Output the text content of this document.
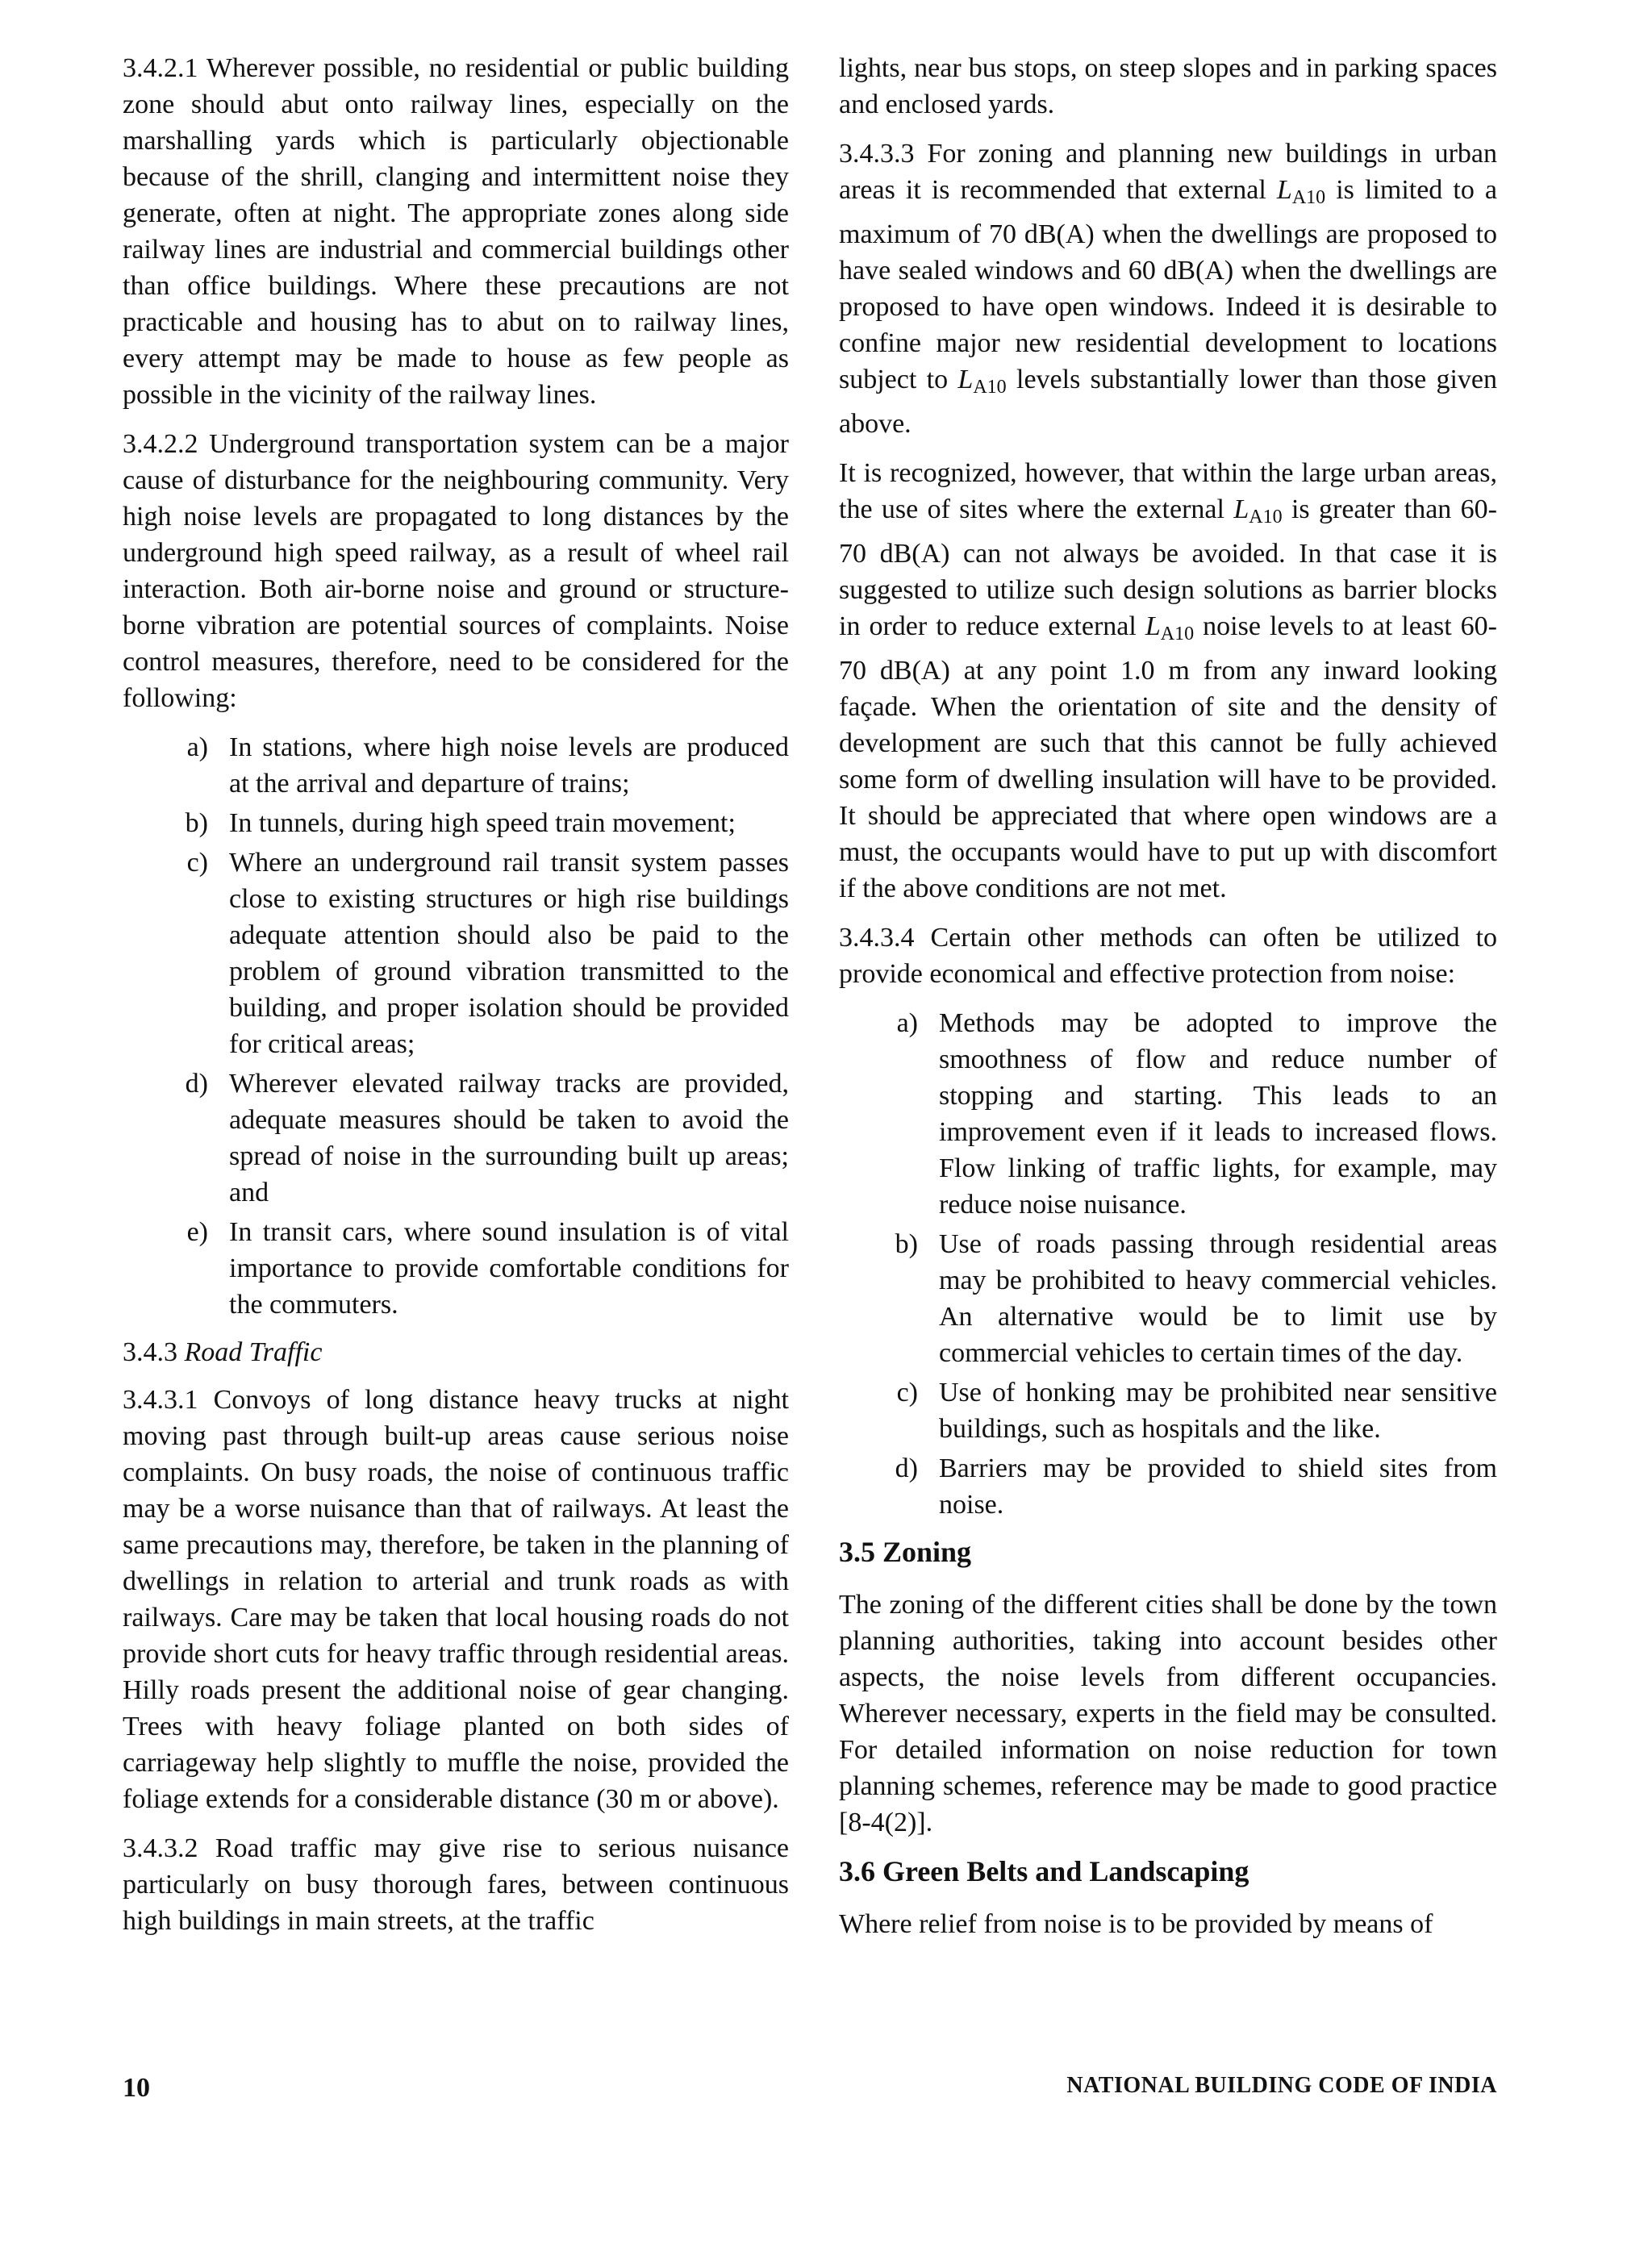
3.4.2.1 Wherever possible, no residential or public building zone should abut onto railway lines, especially on the marshalling yards which is particularly objectionable because of the shrill, clanging and intermittent noise they generate, often at night. The appropriate zones along side railway lines are industrial and commercial buildings other than office buildings. Where these precautions are not practicable and housing has to abut on to railway lines, every attempt may be made to house as few people as possible in the vicinity of the railway lines.

3.4.2.2 Underground transportation system can be a major cause of disturbance for the neighbouring community. Very high noise levels are propagated to long distances by the underground high speed railway, as a result of wheel rail interaction. Both air-borne noise and ground or structure-borne vibration are potential sources of complaints. Noise control measures, therefore, need to be considered for the following:

a) In stations, where high noise levels are produced at the arrival and departure of trains;
b) In tunnels, during high speed train movement;
c) Where an underground rail transit system passes close to existing structures or high rise buildings adequate attention should also be paid to the problem of ground vibration transmitted to the building, and proper isolation should be provided for critical areas;
d) Wherever elevated railway tracks are provided, adequate measures should be taken to avoid the spread of noise in the surrounding built up areas; and
e) In transit cars, where sound insulation is of vital importance to provide comfortable conditions for the commuters.
3.4.3 Road Traffic

3.4.3.1 Convoys of long distance heavy trucks at night moving past through built-up areas cause serious noise complaints. On busy roads, the noise of continuous traffic may be a worse nuisance than that of railways. At least the same precautions may, therefore, be taken in the planning of dwellings in relation to arterial and trunk roads as with railways. Care may be taken that local housing roads do not provide short cuts for heavy traffic through residential areas. Hilly roads present the additional noise of gear changing. Trees with heavy foliage planted on both sides of carriageway help slightly to muffle the noise, provided the foliage extends for a considerable distance (30 m or above).

3.4.3.2 Road traffic may give rise to serious nuisance particularly on busy thorough fares, between continuous high buildings in main streets, at the traffic

lights, near bus stops, on steep slopes and in parking spaces and enclosed yards.

3.4.3.3 For zoning and planning new buildings in urban areas it is recommended that external $L_{A10}$ is limited to a maximum of 70 dB(A) when the dwellings are proposed to have sealed windows and 60 dB(A) when the dwellings are proposed to have open windows. Indeed it is desirable to confine major new residential development to locations subject to $L_{A10}$ levels substantially lower than those given above.

It is recognized, however, that within the large urban areas, the use of sites where the external $L_{A10}$ is greater than 60-70 dB(A) can not always be avoided. In that case it is suggested to utilize such design solutions as barrier blocks in order to reduce external $L_{A10}$ noise levels to at least 60-70 dB(A) at any point 1.0 m from any inward looking façade. When the orientation of site and the density of development are such that this cannot be fully achieved some form of dwelling insulation will have to be provided. It should be appreciated that where open windows are a must, the occupants would have to put up with discomfort if the above conditions are not met.

3.4.3.4 Certain other methods can often be utilized to provide economical and effective protection from noise:

a) Methods may be adopted to improve the smoothness of flow and reduce number of stopping and starting. This leads to an improvement even if it leads to increased flows. Flow linking of traffic lights, for example, may reduce noise nuisance.
b) Use of roads passing through residential areas may be prohibited to heavy commercial vehicles. An alternative would be to limit use by commercial vehicles to certain times of the day.
c) Use of honking may be prohibited near sensitive buildings, such as hospitals and the like.
d) Barriers may be provided to shield sites from noise.
3.5 Zoning

The zoning of the different cities shall be done by the town planning authorities, taking into account besides other aspects, the noise levels from different occupancies. Wherever necessary, experts in the field may be consulted. For detailed information on noise reduction for town planning schemes, reference may be made to good practice [8-4(2)].

3.6 Green Belts and Landscaping

Where relief from noise is to be provided by means of

10	NATIONAL BUILDING CODE OF INDIA
